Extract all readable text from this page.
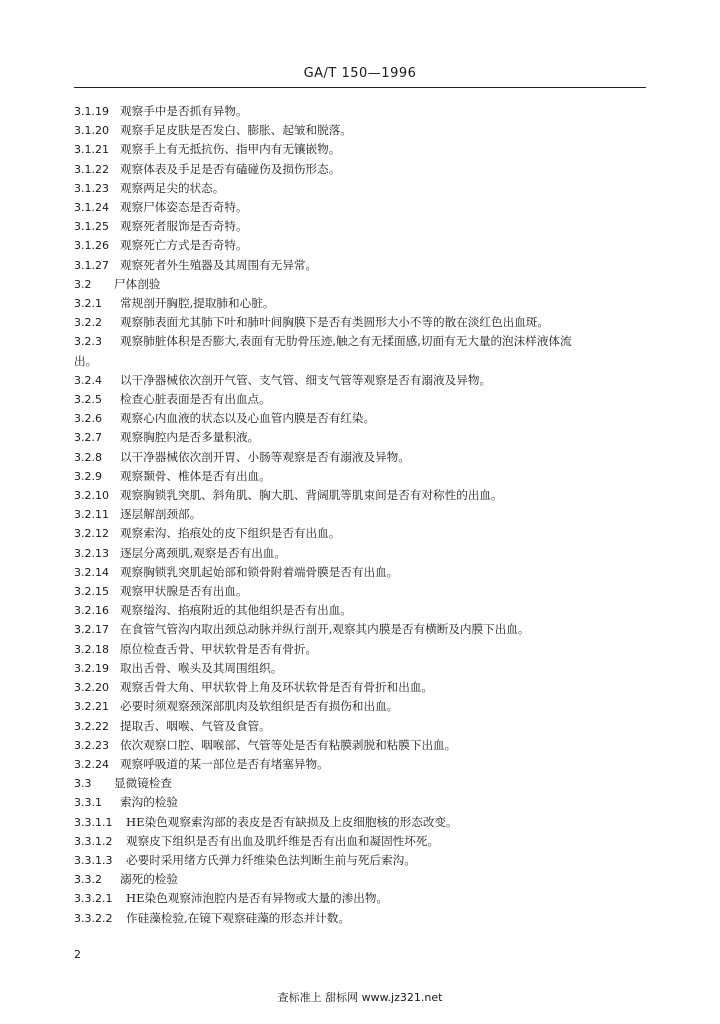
GA/T 150—1996
3.1.19 观察手中是否抓有异物。
3.1.20 观察手足皮肤是否发白、膨胀、起皱和脱落。
3.1.21 观察手上有无抵抗伤、指甲内有无镶嵌物。
3.1.22 观察体表及手足是否有磕碰伤及损伤形态。
3.1.23 观察两足尖的状态。
3.1.24 观察尸体姿态是否奇特。
3.1.25 观察死者服饰是否奇特。
3.1.26 观察死亡方式是否奇特。
3.1.27 观察死者外生殖器及其周围有无异常。
3.2 尸体剖验
3.2.1 常规剖开胸腔,提取肺和心脏。
3.2.2 观察肺表面尤其肺下叶和肺叶间胸膜下是否有类圆形大小不等的散在淡红色出血斑。
3.2.3 观察肺脏体积是否膨大,表面有无肋骨压迹,触之有无揉面感,切面有无大量的泡沫样液体流
出。
3.2.4 以干净器械依次剖开气管、支气管、细支气管等观察是否有溺液及异物。
3.2.5 检查心脏表面是否有出血点。
3.2.6 观察心内血液的状态以及心血管内膜是否有红染。
3.2.7 观察胸腔内是否多量积液。
3.2.8 以干净器械依次剖开胃、小肠等观察是否有溺液及异物。
3.2.9 观察颞骨、椎体是否有出血。
3.2.10 观察胸锁乳突肌、斜角肌、胸大肌、背阔肌等肌束间是否有对称性的出血。
3.2.11 逐层解剖颈部。
3.2.12 观察索沟、掐痕处的皮下组织是否有出血。
3.2.13 逐层分离颈肌,观察是否有出血。
3.2.14 观察胸锁乳突肌起始部和锁骨附着端骨膜是否有出血。
3.2.15 观察甲状腺是否有出血。
3.2.16 观察缢沟、掐痕附近的其他组织是否有出血。
3.2.17 在食管气管沟内取出颈总动脉并纵行剖开,观察其内膜是否有横断及内膜下出血。
3.2.18 原位检查舌骨、甲状软骨是否有骨折。
3.2.19 取出舌骨、喉头及其周围组织。
3.2.20 观察舌骨大角、甲状软骨上角及环状软骨是否有骨折和出血。
3.2.21 必要时须观察颈深部肌肉及软组织是否有损伤和出血。
3.2.22 提取舌、咽喉、气管及食管。
3.2.23 依次观察口腔、咽喉部、气管等处是否有粘膜剥脱和粘膜下出血。
3.2.24 观察呼吸道的某一部位是否有堵塞异物。
3.3 显微镜检查
3.3.1 索沟的检验
3.3.1.1 HE染色观察索沟部的表皮是否有缺损及上皮细胞核的形态改变。
3.3.1.2 观察皮下组织是否有出血及肌纤维是否有出血和凝固性坏死。
3.3.1.3 必要时采用绪方氏弹力纤维染色法判断生前与死后索沟。
3.3.2 溺死的检验
3.3.2.1 HE染色观察沛泡腔内是否有异物或大量的渗出物。
3.3.2.2 作硅藻检验,在镜下观察硅藻的形态并计数。
2
查标准上 甜标网 www.jz321.net
